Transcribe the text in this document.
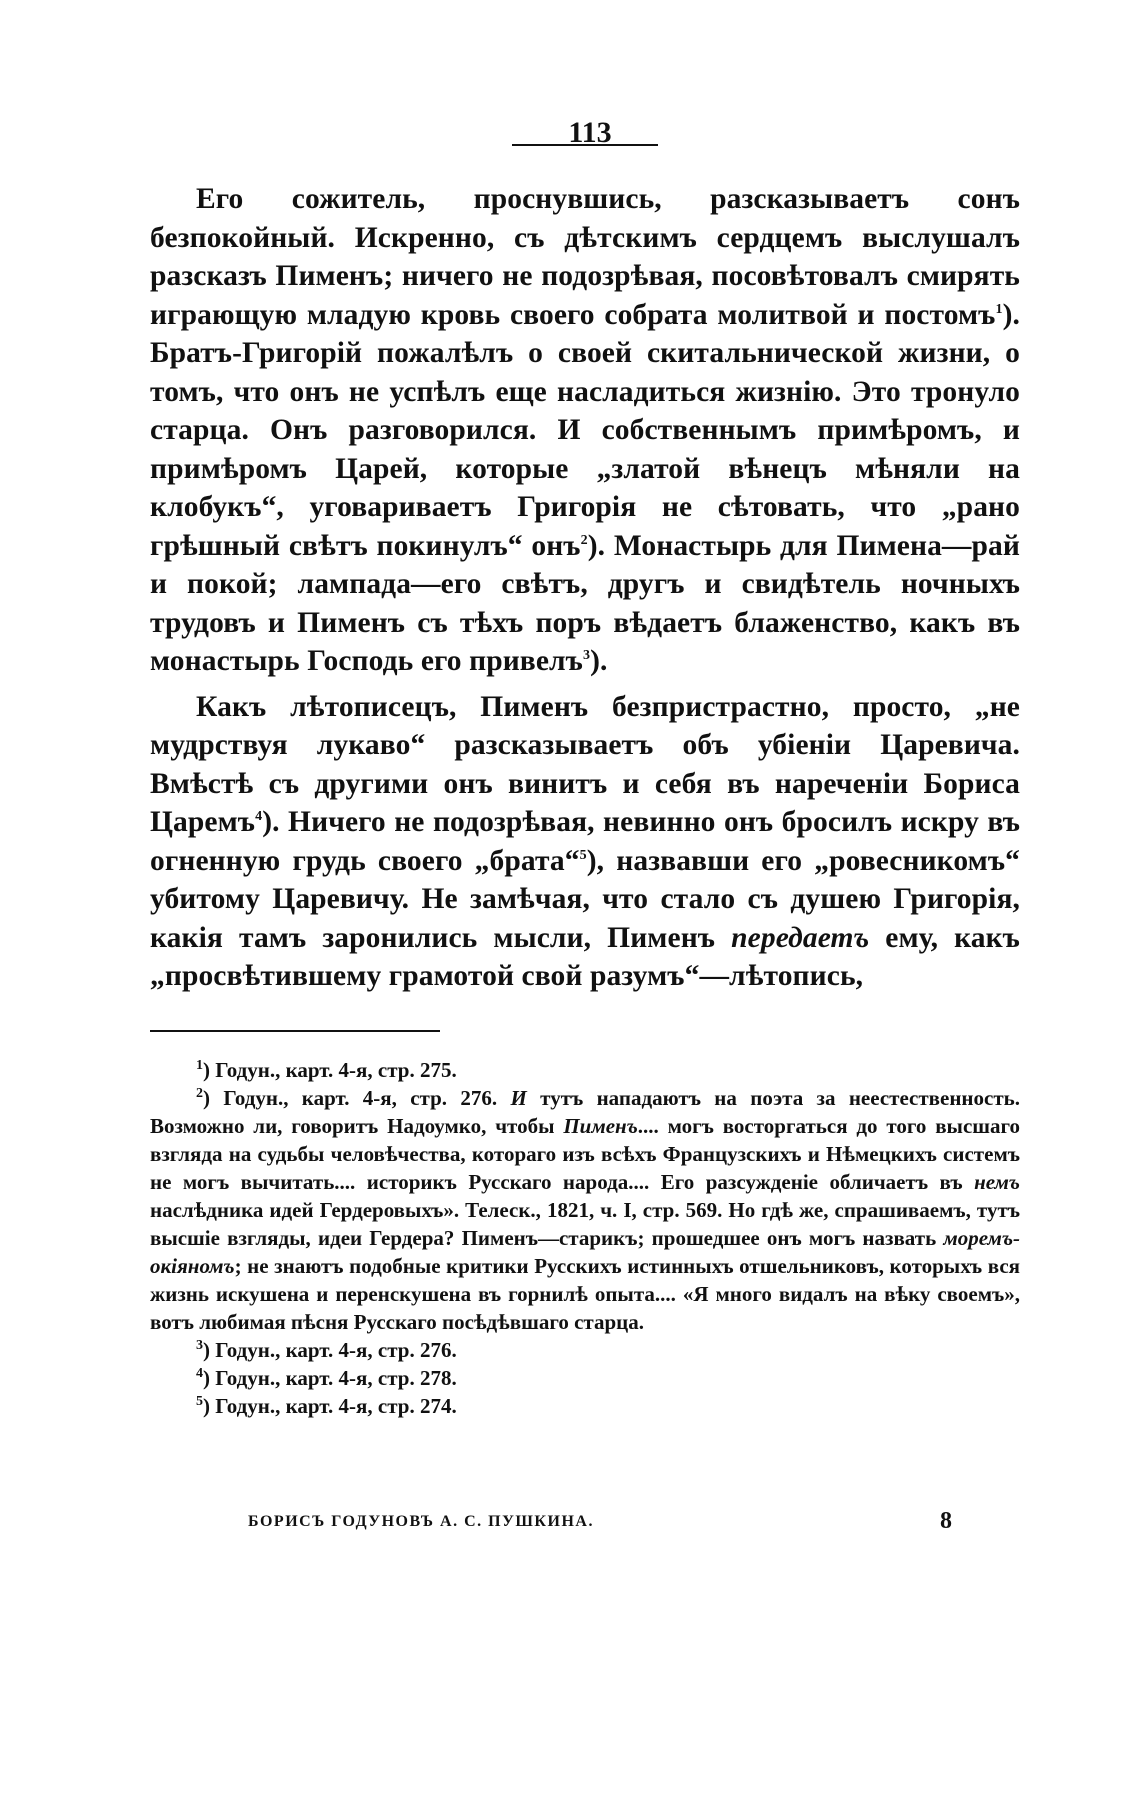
113

Его сожитель, проснувшись, разсказываетъ сонъ безпокойный. Искренно, съ дѣтскимъ сердцемъ выслушалъ разсказъ Пименъ; ничего не подозрѣвая, посовѣтовалъ смирять играющую младую кровь своего собрата молитвой и постомъ$^1$). Братъ-Григорій пожалѣлъ о своей скитальнической жизни, о томъ, что онъ не успѣлъ еще насладиться жизнію. Это тронуло старца. Онъ разговорился. И собственнымъ примѣромъ, и примѣромъ Царей, которые „златой вѣнецъ мѣняли на клобукъ“, уговариваетъ Григорія не сѣтовать, что „рано грѣшный свѣтъ покинулъ“ онъ$^2$). Монастырь для Пимена—рай и покой; лампада—его свѣтъ, другъ и свидѣтель ночныхъ трудовъ и Пименъ съ тѣхъ поръ вѣдаетъ блаженство, какъ въ монастырь Господь его привелъ$^3$).

Какъ лѣтописецъ, Пименъ безпристрастно, просто, „не мудрствуя лукаво“ разсказываетъ объ убіеніи Царевича. Вмѣстѣ съ другими онъ винитъ и себя въ нареченіи Бориса Царемъ$^4$). Ничего не подозрѣвая, невинно онъ бросилъ искру въ огненную грудь своего „брата“$^5$), назвавши его „ровесникомъ“ убитому Царевичу. Не замѣчая, что стало съ душею Григорія, какія тамъ заронились мысли, Пименъ передаетъ ему, какъ „просвѣтившему грамотой свой разумъ“—лѣтопись,

$^1$) Годун., карт. 4-я, стр. 275.

$^2$) Годун., карт. 4-я, стр. 276. И тутъ нападаютъ на поэта за неестественность. Возможно ли, говоритъ Надоумко, чтобы Пименъ.... могъ восторгаться до того высшаго взгляда на судьбы человѣчества, котораго изъ всѣхъ Французскихъ и Нѣмецкихъ системъ не могъ вычитать.... историкъ Русскаго народа.... Его разсужденіе обличаетъ въ немъ наслѣдника идей Гердеровыхъ». Телеск., 1821, ч. I, стр. 569. Но гдѣ же, спрашиваемъ, тутъ высшіе взгляды, идеи Гердера? Пименъ—старикъ; прошедшее онъ могъ назвать моремъ-окіяномъ; не знаютъ подобные критики Русскихъ истинныхъ отшельниковъ, которыхъ вся жизнь искушена и перенскушена въ горнилѣ опыта.... «Я много видалъ на вѣку своемъ», вотъ любимая пѣсня Русскаго посѣдѣвшаго старца.

$^3$) Годун., карт. 4-я, стр. 276.

$^4$) Годун., карт. 4-я, стр. 278.

$^5$) Годун., карт. 4-я, стр. 274.

БОРИСЪ ГОДУНОВЪ А. С. ПУШКИНА.	8
